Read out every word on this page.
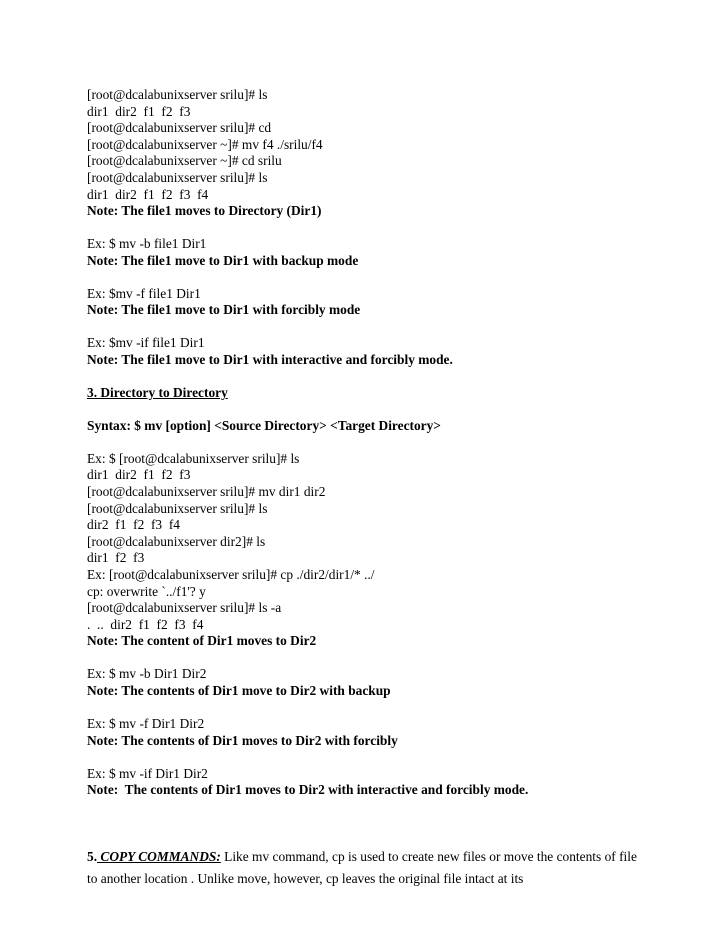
[root@dcalabunixserver srilu]# ls
dir1  dir2  f1  f2  f3
[root@dcalabunixserver srilu]# cd
[root@dcalabunixserver ~]# mv f4 ./srilu/f4
[root@dcalabunixserver ~]# cd srilu
[root@dcalabunixserver srilu]# ls
dir1  dir2  f1  f2  f3  f4
Note: The file1 moves to Directory (Dir1)
Ex: $ mv -b file1 Dir1
Note: The file1 move to Dir1 with backup mode
Ex: $mv -f file1 Dir1
Note: The file1 move to Dir1 with forcibly mode
Ex: $mv -if file1 Dir1
Note: The file1 move to Dir1 with interactive and forcibly mode.
3. Directory to Directory
Syntax: $ mv [option] <Source Directory> <Target Directory>
Ex: $ [root@dcalabunixserver srilu]# ls
dir1  dir2  f1  f2  f3
[root@dcalabunixserver srilu]# mv dir1 dir2
[root@dcalabunixserver srilu]# ls
dir2  f1  f2  f3  f4
[root@dcalabunixserver dir2]# ls
dir1  f2  f3
Ex: [root@dcalabunixserver srilu]# cp ./dir2/dir1/* ../
cp: overwrite `../f1'? y
[root@dcalabunixserver srilu]# ls -a
.  ..  dir2  f1  f2  f3  f4
Note: The content of Dir1 moves to Dir2
Ex: $ mv -b Dir1 Dir2
Note: The contents of Dir1 move to Dir2 with backup
Ex: $ mv -f Dir1 Dir2
Note: The contents of Dir1 moves to Dir2 with forcibly
Ex: $ mv -if Dir1 Dir2
Note:  The contents of Dir1 moves to Dir2 with interactive and forcibly mode.
5. COPY COMMANDS: Like mv command, cp is used to create new files or move the contents of file to another location . Unlike move, however, cp leaves the original file intact at its
